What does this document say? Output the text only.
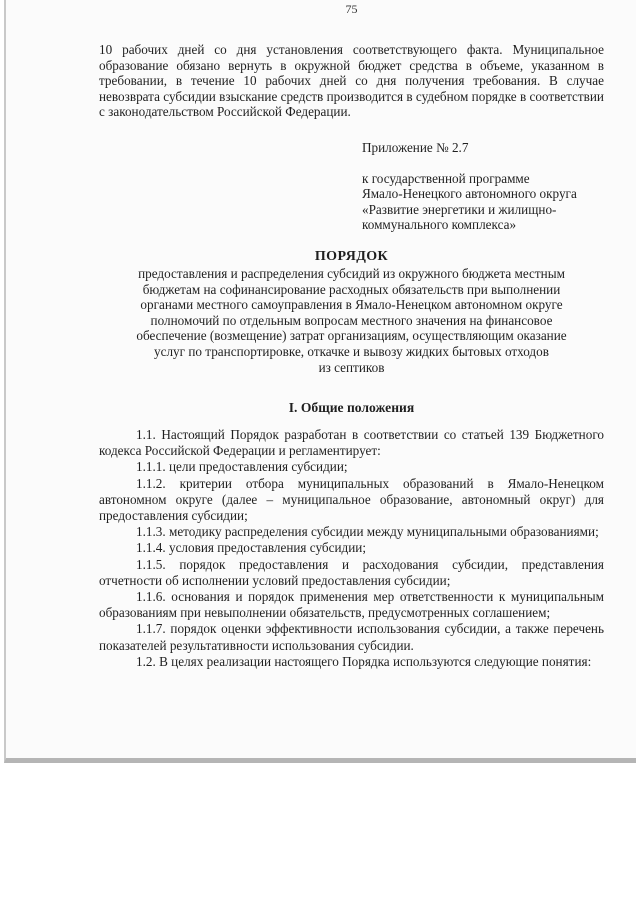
75

10 рабочих дней со дня установления соответствующего факта. Муниципальное образование обязано вернуть в окружной бюджет средства в объеме, указанном в требовании, в течение 10 рабочих дней со дня получения требования. В случае невозврата субсидии взыскание средств производится в судебном порядке в соответствии с законодательством Российской Федерации.

Приложение № 2.7
к государственной программе
Ямало-Ненецкого автономного округа
«Развитие энергетики и жилищно-
коммунального комплекса»
ПОРЯДОК
предоставления и распределения субсидий из окружного бюджета местным
бюджетам на софинансирование расходных обязательств при выполнении
органами местного самоуправления в Ямало-Ненецком автономном округе
полномочий по отдельным вопросам местного значения на финансовое
обеспечение (возмещение) затрат организациям, осуществляющим оказание
услуг по транспортировке, откачке и вывозу жидких бытовых отходов
из септиков
I. Общие положения

1.1. Настоящий Порядок разработан в соответствии со статьей 139 Бюджетного кодекса Российской Федерации и регламентирует:

1.1.1. цели предоставления субсидии;

1.1.2. критерии отбора муниципальных образований в Ямало-Ненецком автономном округе (далее – муниципальное образование, автономный округ) для предоставления субсидии;

1.1.3. методику распределения субсидии между муниципальными образованиями;

1.1.4. условия предоставления субсидии;

1.1.5. порядок предоставления и расходования субсидии, представления отчетности об исполнении условий предоставления субсидии;

1.1.6. основания и порядок применения мер ответственности к муниципальным образованиям при невыполнении обязательств, предусмотренных соглашением;

1.1.7. порядок оценки эффективности использования субсидии, а также перечень показателей результативности использования субсидии.

1.2. В целях реализации настоящего Порядка используются следующие понятия:
